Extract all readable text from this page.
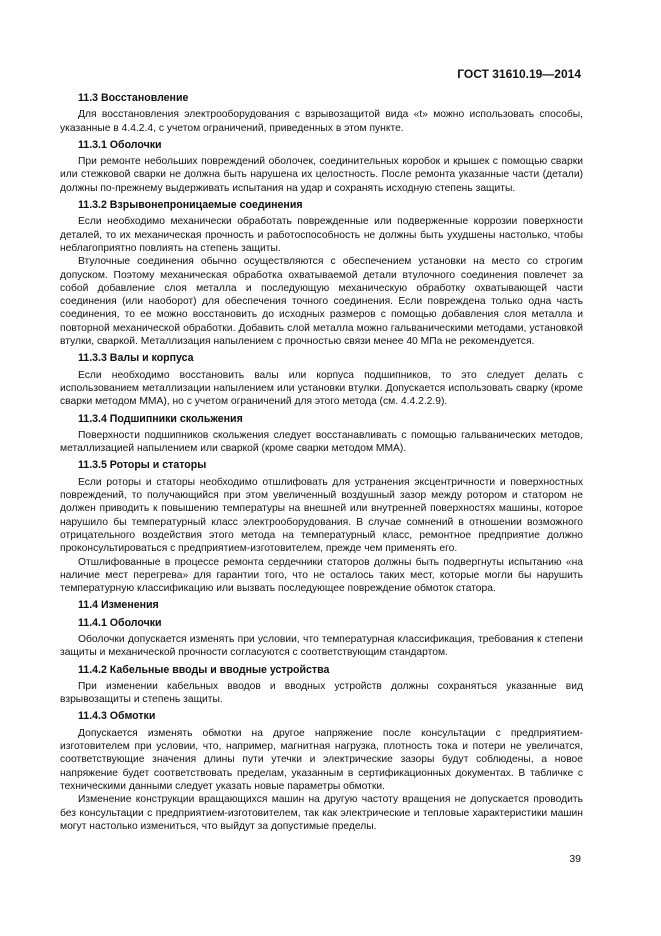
ГОСТ 31610.19—2014
11.3 Восстановление

Для восстановления электрооборудования с взрывозащитой вида «t» можно использовать способы, указанные в 4.4.2.4, с учетом ограничений, приведенных в этом пункте.

11.3.1 Оболочки

При ремонте небольших повреждений оболочек, соединительных коробок и крышек с помощью сварки или стежковой сварки не должна быть нарушена их целостность. После ремонта указанные части (детали) должны по-прежнему выдерживать испытания на удар и сохранять исходную степень защиты.

11.3.2 Взрывонепроницаемые соединения

Если необходимо механически обработать поврежденные или подверженные коррозии поверхности деталей, то их механическая прочность и работоспособность не должны быть ухудшены настолько, чтобы неблагоприятно повлиять на степень защиты.

Втулочные соединения обычно осуществляются с обеспечением установки на место со строгим допуском. Поэтому механическая обработка охватываемой детали втулочного соединения повлечет за собой добавление слоя металла и последующую механическую обработку охватывающей части соединения (или наоборот) для обеспечения точного соединения. Если повреждена только одна часть соединения, то ее можно восстановить до исходных размеров с помощью добавления слоя металла и повторной механической обработки. Добавить слой металла можно гальваническими методами, установкой втулки, сваркой. Металлизация напылением с прочностью связи менее 40 МПа не рекомендуется.

11.3.3 Валы и корпуса

Если необходимо восстановить валы или корпуса подшипников, то это следует делать с использованием металлизации напылением или установки втулки. Допускается использовать сварку (кроме сварки методом ММА), но с учетом ограничений для этого метода (см. 4.4.2.2.9).

11.3.4 Подшипники скольжения

Поверхности подшипников скольжения следует восстанавливать с помощью гальванических методов, металлизацией напылением или сваркой (кроме сварки методом ММА).

11.3.5 Роторы и статоры

Если роторы и статоры необходимо отшлифовать для устранения эксцентричности и поверхностных повреждений, то получающийся при этом увеличенный воздушный зазор между ротором и статором не должен приводить к повышению температуры на внешней или внутренней поверхностях машины, которое нарушило бы температурный класс электрооборудования. В случае сомнений в отношении возможного отрицательного воздействия этого метода на температурный класс, ремонтное предприятие должно проконсультироваться с предприятием-изготовителем, прежде чем применять его.

Отшлифованные в процессе ремонта сердечники статоров должны быть подвергнуты испытанию «на наличие мест перегрева» для гарантии того, что не осталось таких мест, которые могли бы нарушить температурную классификацию или вызвать последующее повреждение обмоток статора.

11.4 Изменения
11.4.1 Оболочки

Оболочки допускается изменять при условии, что температурная классификация, требования к степени защиты и механической прочности согласуются с соответствующим стандартом.

11.4.2 Кабельные вводы и вводные устройства

При изменении кабельных вводов и вводных устройств должны сохраняться указанные вид взрывозащиты и степень защиты.

11.4.3 Обмотки

Допускается изменять обмотки на другое напряжение после консультации с предприятием-изготовителем при условии, что, например, магнитная нагрузка, плотность тока и потери не увеличатся, соответствующие значения длины пути утечки и электрические зазоры будут соблюдены, а новое напряжение будет соответствовать пределам, указанным в сертификационных документах. В табличке с техническими данными следует указать новые параметры обмотки.

Изменение конструкции вращающихся машин на другую частоту вращения не допускается проводить без консультации с предприятием-изготовителем, так как электрические и тепловые характеристики машин могут настолько измениться, что выйдут за допустимые пределы.

39
